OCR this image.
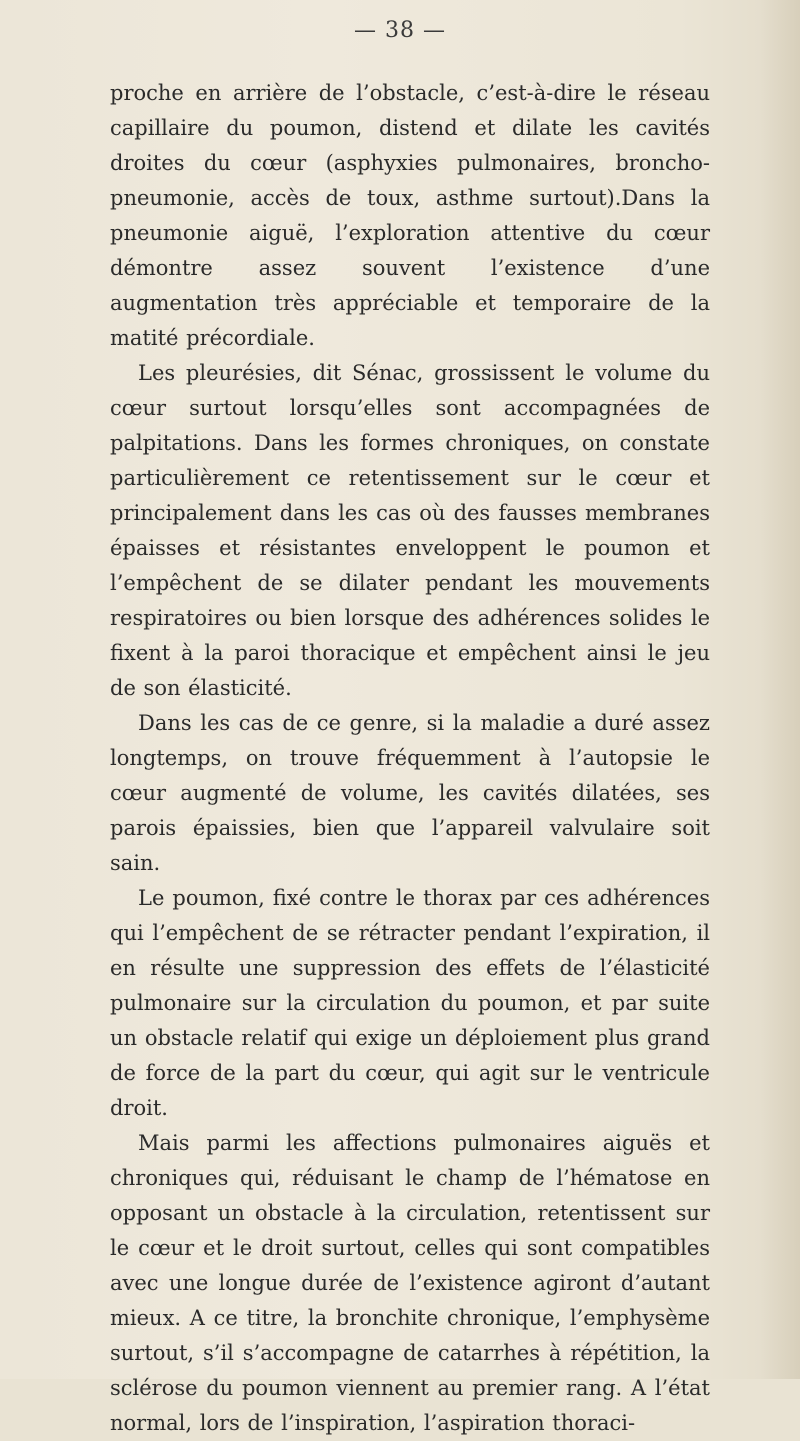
— 38 —

proche en arrière de l’obstacle, c’est-à-dire le réseau capillaire du poumon, distend et dilate les cavités droites du cœur (asphyxies pulmonaires, broncho-pneumonie, accès de toux, asthme surtout).Dans la pneumonie aiguë, l’exploration attentive du cœur démontre assez souvent l’existence d’une augmentation très appréciable et temporaire de la matité précordiale.

Les pleurésies, dit Sénac, grossissent le volume du cœur surtout lorsqu’elles sont accompagnées de palpitations. Dans les formes chroniques, on constate particulièrement ce retentissement sur le cœur et principalement dans les cas où des fausses membranes épaisses et résistantes enveloppent le poumon et l’empêchent de se dilater pendant les mouvements respiratoires ou bien lorsque des adhérences solides le fixent à la paroi thoracique et empêchent ainsi le jeu de son élasticité.

Dans les cas de ce genre, si la maladie a duré assez longtemps, on trouve fréquemment à l’autopsie le cœur augmenté de volume, les cavités dilatées, ses parois épaissies, bien que l’appareil valvulaire soit sain.

Le poumon, fixé contre le thorax par ces adhérences qui l’empêchent de se rétracter pendant l’expiration, il en résulte une suppression des effets de l’élasticité pulmonaire sur la circulation du poumon, et par suite un obstacle relatif qui exige un déploiement plus grand de force de la part du cœur, qui agit sur le ventricule droit.

Mais parmi les affections pulmonaires aiguës et chroniques qui, réduisant le champ de l’hématose en opposant un obstacle à la circulation, retentissent sur le cœur et le droit surtout, celles qui sont compatibles avec une longue durée de l’existence agiront d’autant mieux. A ce titre, la bronchite chronique, l’emphysème surtout, s’il s’accompagne de catarrhes à répétition, la sclérose du poumon viennent au premier rang. A l’état normal, lors de l’inspiration, l’aspiration thoraci-
